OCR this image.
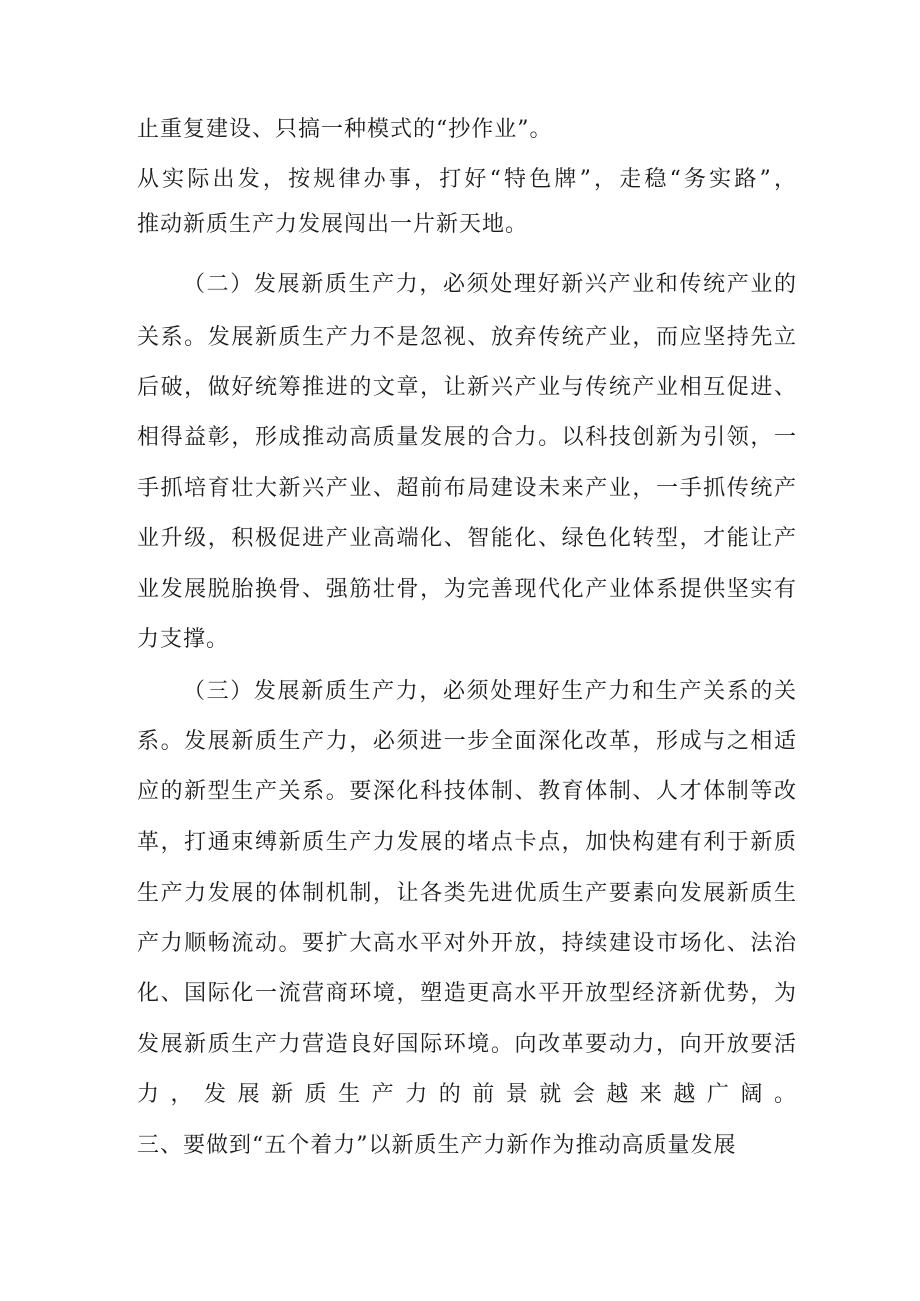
止重复建设、只搞一种模式的“抄作业”。
从实际出发，按规律办事，打好“特色牌”，走稳“务实路”，
推动新质生产力发展闯出一片新天地。
（二）发展新质生产力，必须处理好新兴产业和传统产业的
关系。发展新质生产力不是忽视、放弃传统产业，而应坚持先立
后破，做好统筹推进的文章，让新兴产业与传统产业相互促进、
相得益彰，形成推动高质量发展的合力。以科技创新为引领，一
手抓培育壮大新兴产业、超前布局建设未来产业，一手抓传统产
业升级，积极促进产业高端化、智能化、绿色化转型，才能让产
业发展脱胎换骨、强筋壮骨，为完善现代化产业体系提供坚实有
力支撑。
（三）发展新质生产力，必须处理好生产力和生产关系的关
系。发展新质生产力，必须进一步全面深化改革，形成与之相适
应的新型生产关系。要深化科技体制、教育体制、人才体制等改
革，打通束缚新质生产力发展的堵点卡点，加快构建有利于新质
生产力发展的体制机制，让各类先进优质生产要素向发展新质生
产力顺畅流动。要扩大高水平对外开放，持续建设市场化、法治
化、国际化一流营商环境，塑造更高水平开放型经济新优势，为
发展新质生产力营造良好国际环境。向改革要动力，向开放要活
力，发展新质生产力的前景就会越来越广阔。
三、要做到“五个着力”以新质生产力新作为推动高质量发展
